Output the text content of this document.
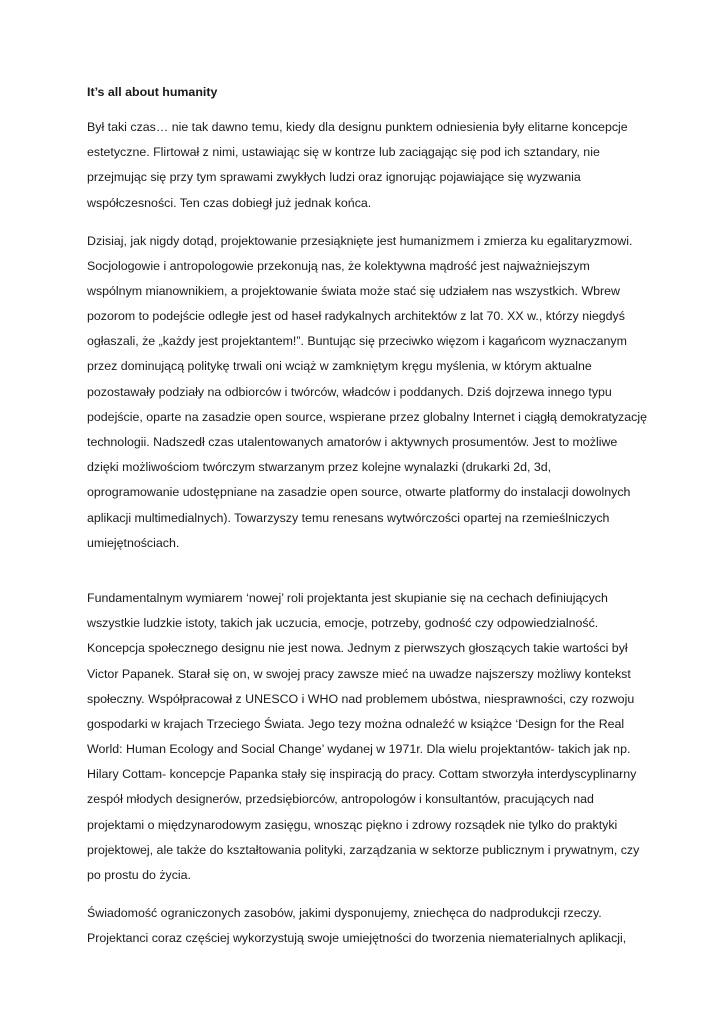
It’s all about humanity
Był taki czas… nie tak dawno temu, kiedy dla designu punktem odniesienia były elitarne koncepcje
estetyczne. Flirtował z nimi, ustawiając się w kontrze lub zaciągając się pod ich sztandary, nie
przejmując się przy tym sprawami zwykłych ludzi oraz ignorując pojawiające się wyzwania
współczesności. Ten czas dobiegł już jednak końca.
Dzisiaj, jak nigdy dotąd, projektowanie przesiąknięte jest humanizmem i zmierza ku egalitaryzmowi.
Socjologowie i antropologowie przekonują nas, że kolektywna mądrość jest najważniejszym
wspólnym mianownikiem, a projektowanie świata może stać się udziałem nas wszystkich. Wbrew
pozorom to podejście odległe jest od haseł radykalnych architektów z lat 70. XX w., którzy niegdyś
ogłaszali, że „każdy jest projektantem!”. Buntując się przeciwko więzom i kagańcom wyznaczanym
przez dominującą politykę trwali oni wciąż w zamkniętym kręgu myślenia, w którym aktualne
pozostawały podziały na odbiorców i twórców, władców i poddanych. Dziś dojrzewa innego typu
podejście, oparte na zasadzie open source, wspierane przez globalny Internet i ciągłą demokratyzację
technologii. Nadszedł czas utalentowanych amatorów i aktywnych prosumentów. Jest to możliwe
dzięki możliwościom twórczym stwarzanym przez kolejne wynalazki (drukarki 2d, 3d,
oprogramowanie udostępniane na zasadzie open source, otwarte platformy do instalacji dowolnych
aplikacji multimedialnych). Towarzyszy temu renesans wytwórczości opartej na rzemieślniczych
umiejętnościach.
Fundamentalnym wymiarem ‘nowej’ roli projektanta jest skupianie się na cechach definiujących
wszystkie ludzkie istoty, takich jak uczucia, emocje, potrzeby, godność czy odpowiedzialność.
Koncepcja społecznego designu nie jest nowa. Jednym z pierwszych głoszących takie wartości był
Victor Papanek. Starał się on, w swojej pracy zawsze mieć na uwadze najszerszy możliwy kontekst
społeczny. Współpracował z UNESCO i WHO nad problemem ubóstwa, niesprawności, czy rozwoju
gospodarki w krajach Trzeciego Świata. Jego tezy można odnaleźć w książce ‘Design for the Real
World: Human Ecology and Social Change’ wydanej w 1971r. Dla wielu projektantów- takich jak np.
Hilary Cottam- koncepcje Papanka stały się inspiracją do pracy. Cottam stworzyła interdyscyplinarny
zespół młodych designerów, przedsiębiorców, antropologów i konsultantów, pracujących nad
projektami o międzynarodowym zasięgu, wnosząc piękno i zdrowy rozsądek nie tylko do praktyki
projektowej, ale także do kształtowania polityki, zarządzania w sektorze publicznym i prywatnym, czy
po prostu do życia.
Świadomość ograniczonych zasobów, jakimi dysponujemy, zniechęca do nadprodukcji rzeczy.
Projektanci coraz częściej wykorzystują swoje umiejętności do tworzenia niematerialnych aplikacji,
